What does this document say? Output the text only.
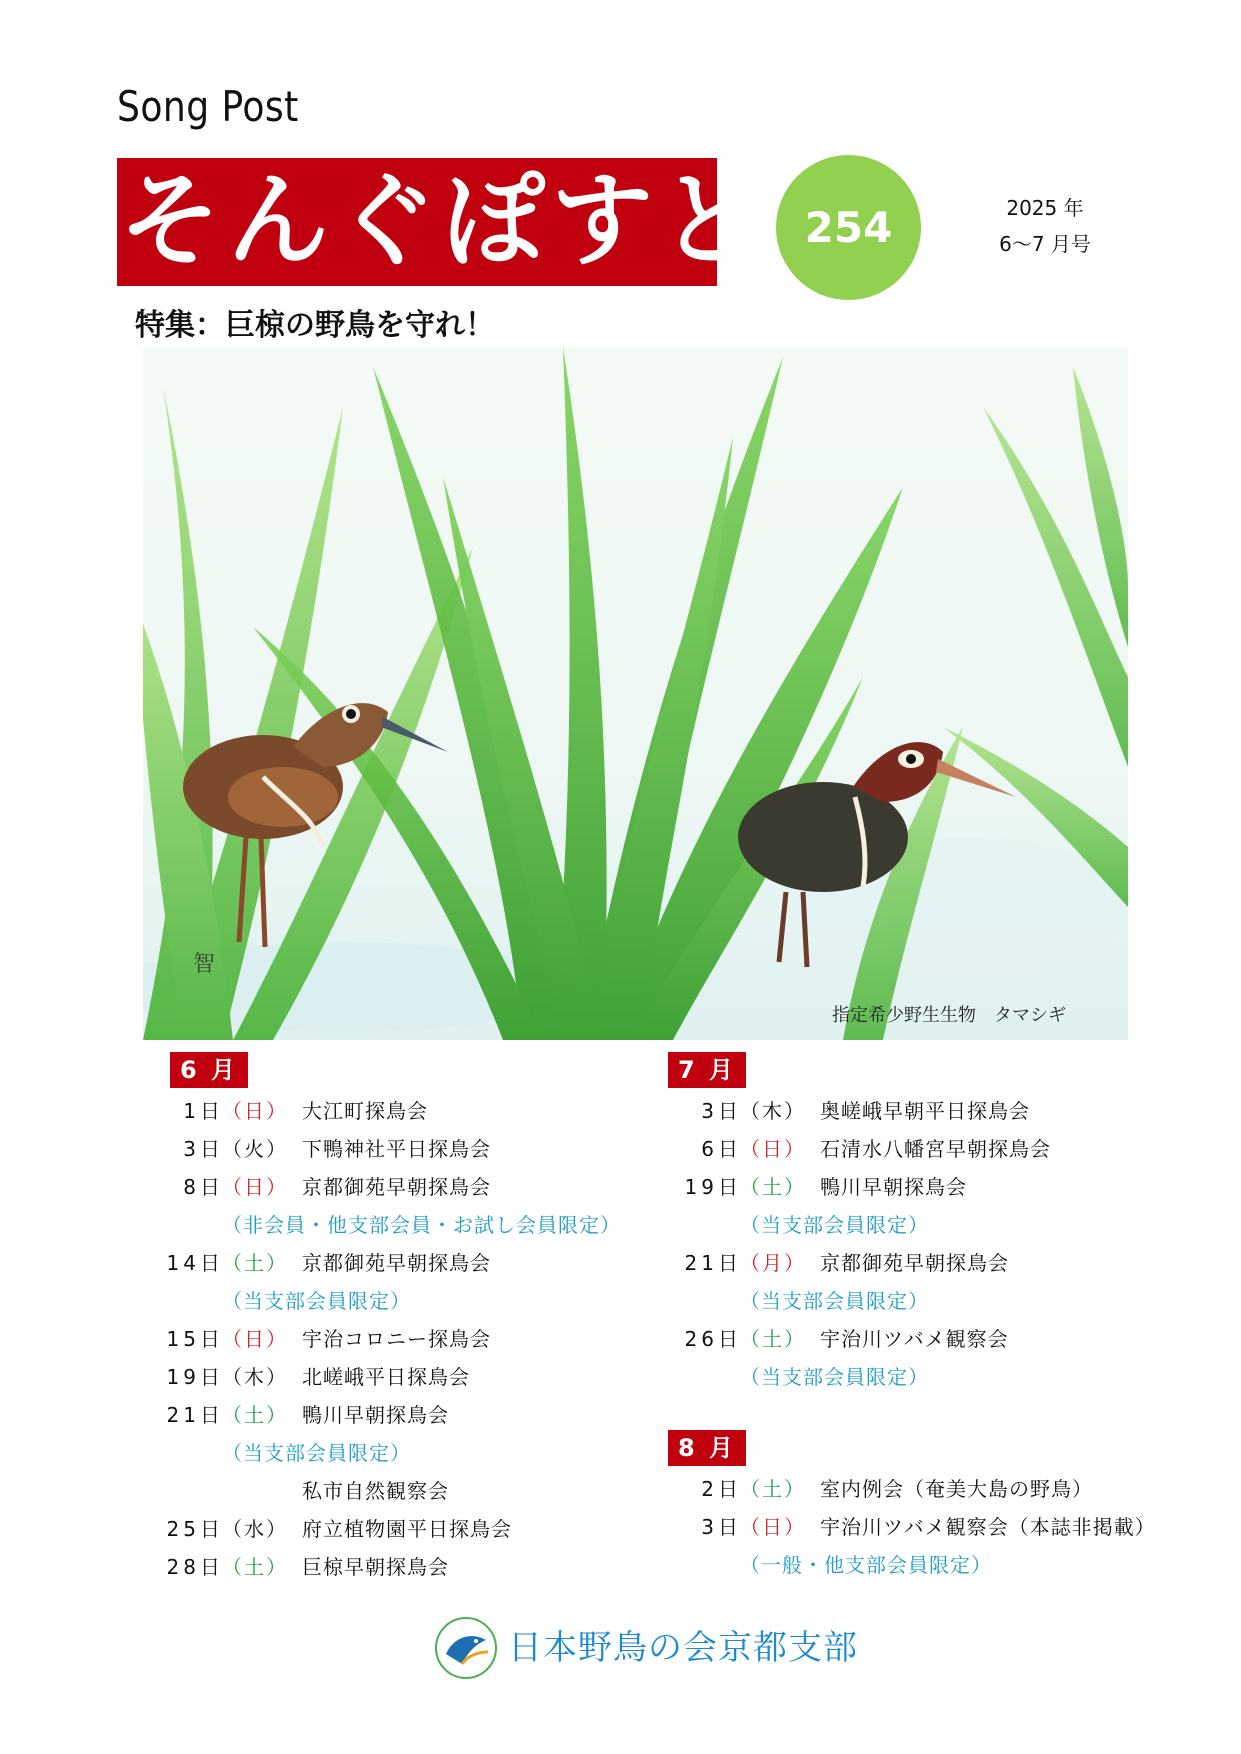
Song Post
そんぐぽすと 254	2025 年
6～7 月号
特集：巨椋の野鳥を守れ！
智
指定希少野生生物　タマシギ
6 月
1日
（日） 大江町探鳥会
3日
（火） 下鴨神社平日探鳥会
8日
（日） 京都御苑早朝探鳥会
（非会員・他支部会員・お試し会員限定）
14日
（土） 京都御苑早朝探鳥会
（当支部会員限定）
15日
（日） 宇治コロニー探鳥会
19日
（木） 北嵯峨平日探鳥会
21日
（土） 鴨川早朝探鳥会
（当支部会員限定）
私市自然観察会
25日
（水） 府立植物園平日探鳥会
28日
（土） 巨椋早朝探鳥会
7 月
3日
（木） 奥嵯峨早朝平日探鳥会
6日
（日） 石清水八幡宮早朝探鳥会
19日
（土） 鴨川早朝探鳥会
（当支部会員限定）
21日
（月） 京都御苑早朝探鳥会
（当支部会員限定）
26日
（土） 宇治川ツバメ観察会
（当支部会員限定）
8 月
2日
（土） 室内例会（奄美大島の野鳥）
3日
（日） 宇治川ツバメ観察会（本誌非掲載）
（一般・他支部会員限定）
日本野鳥の会京都支部
